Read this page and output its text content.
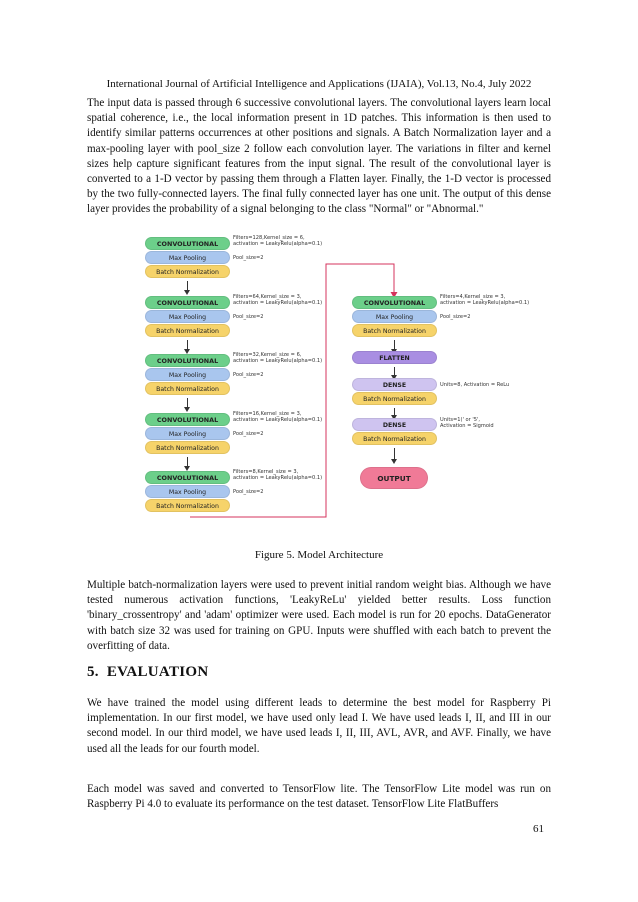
International Journal of Artificial Intelligence and Applications (IJAIA), Vol.13, No.4, July 2022

The input data is passed through 6 successive convolutional layers. The convolutional layers learn local spatial coherence, i.e., the local information present in 1D patches. This information is then used to identify similar patterns occurrences at other positions and signals. A Batch Normalization layer and a max-pooling layer with pool_size 2 follow each convolution layer. The variations in filter and kernel sizes help capture significant features from the input signal. The result of the convolutional layer is converted to a 1-D vector by passing them through a Flatten layer. Finally, the 1-D vector is processed by the two fully-connected layers. The final fully connected layer has one unit. The output of this dense layer provides the probability of a signal belonging to the class "Normal" or "Abnormal."

CONVOLUTIONAL
Filters=128,Kernel_size = 6,
activation = LeakyRelu(alpha=0.1)
Max Pooling	Pool_size=2
Batch Normalization
CONVOLUTIONAL
Filters=64,Kernel_size = 3,
activation = LeakyRelu(alpha=0.1)
Max Pooling	Pool_size=2
Batch Normalization
CONVOLUTIONAL
Filters=32,Kernel_size = 6,
activation = LeakyRelu(alpha=0.1)
Max Pooling	Pool_size=2
Batch Normalization
CONVOLUTIONAL
Filters=16,Kernel_size = 3,
activation = LeakyRelu(alpha=0.1)
Max Pooling	Pool_size=2
Batch Normalization
CONVOLUTIONAL
Filters=8,Kernel_size = 3,
activation = LeakyRelu(alpha=0.1)
Max Pooling	Pool_size=2
Batch Normalization
CONVOLUTIONAL
Filters=4,Kernel_size = 3,
activation = LeakyRelu(alpha=0.1)
Max Pooling	Pool_size=2
Batch Normalization
FLATTEN
DENSE	Units=8, Activation = ReLu
Batch Normalization
DENSE
Units=1(' or '5',
Activation = Sigmoid
Batch Normalization
OUTPUT
Figure 5. Model Architecture

Multiple batch-normalization layers were used to prevent initial random weight bias. Although we have tested numerous activation functions, 'LeakyReLu' yielded better results. Loss function 'binary_crossentropy' and 'adam' optimizer were used. Each model is run for 20 epochs. DataGenerator with batch size 32 was used for training on GPU. Inputs were shuffled with each batch to prevent the overfitting of data.

5. EVALUATION

We have trained the model using different leads to determine the best model for Raspberry Pi implementation. In our first model, we have used only lead I. We have used leads I, II, and III in our second model. In our third model, we have used leads I, II, III, AVL, AVR, and AVF. Finally, we have used all the leads for our fourth model.

Each model was saved and converted to TensorFlow lite. The TensorFlow Lite model was run on Raspberry Pi 4.0 to evaluate its performance on the test dataset. TensorFlow Lite FlatBuffers

61
